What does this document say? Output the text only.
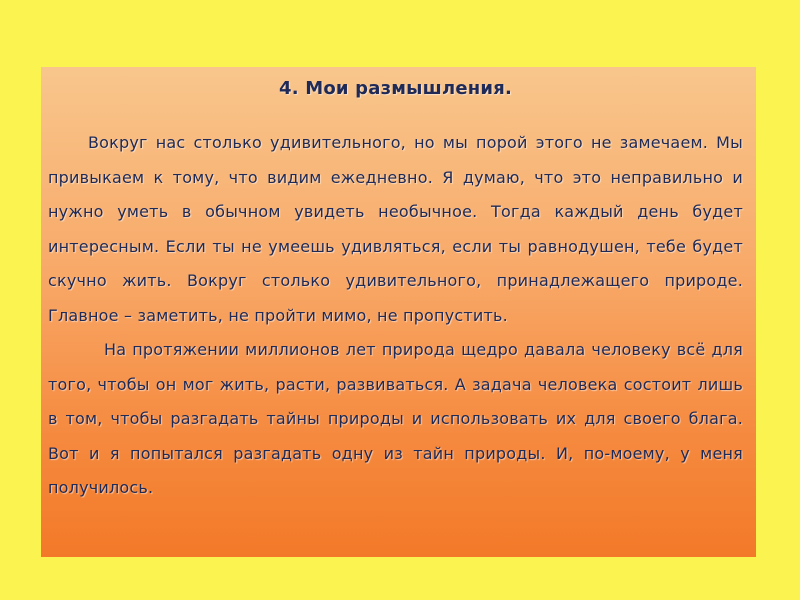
4. Мои размышления.

Вокруг нас столько удивительного, но мы порой этого не замечаем. Мы привыкаем к тому, что видим ежедневно. Я думаю, что это неправильно и нужно уметь в обычном увидеть необычное. Тогда каждый день будет интересным. Если ты не умеешь удивляться, если ты равнодушен, тебе будет скучно жить. Вокруг столько удивительного, принадлежащего природе. Главное – заметить, не пройти мимо, не пропустить.

На протяжении миллионов лет природа щедро давала человеку всё для того, чтобы он мог жить, расти, развиваться. А задача человека состоит лишь в том, чтобы разгадать тайны природы и использовать их для своего блага. Вот и я попытался разгадать одну из тайн природы. И, по-моему, у меня получилось.
